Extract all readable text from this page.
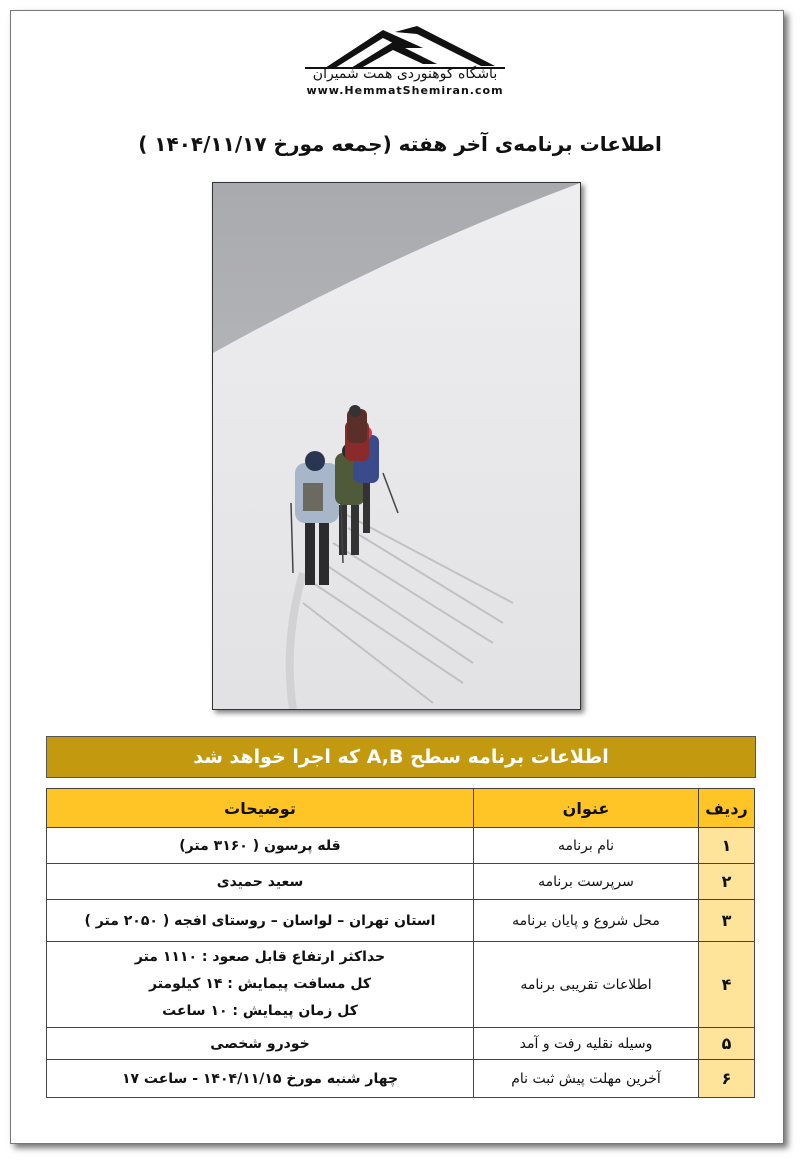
باشگاه کوهنوردی همت شمیران
www.HemmatShemiran.com
اطلاعات برنامه‌ی آخر هفته (جمعه مورخ ۱۴۰۴/۱۱/۱۷ )
اطلاعات برنامه سطح A,B که اجرا خواهد شد
ردیف	عنوان	توضیحات
۱	نام برنامه	قله پرسون ( ۳۱۶۰ متر)
۲	سرپرست برنامه	سعید حمیدی
۳	محل شروع و پایان برنامه	استان تهران – لواسان – روستای افجه ( ۲۰۵۰ متر )
۴	اطلاعات تقریبی برنامه	حداکثر ارتفاع قابل صعود : ۱۱۱۰ متر
کل مسافت پیمایش : ۱۴ کیلومتر
کل زمان پیمایش : ۱۰ ساعت

۵	وسیله نقلیه رفت و آمد	خودرو شخصی
۶	آخرین مهلت پیش ثبت نام	چهار شنبه مورخ ۱۴۰۴/۱۱/۱۵ - ساعت ۱۷
